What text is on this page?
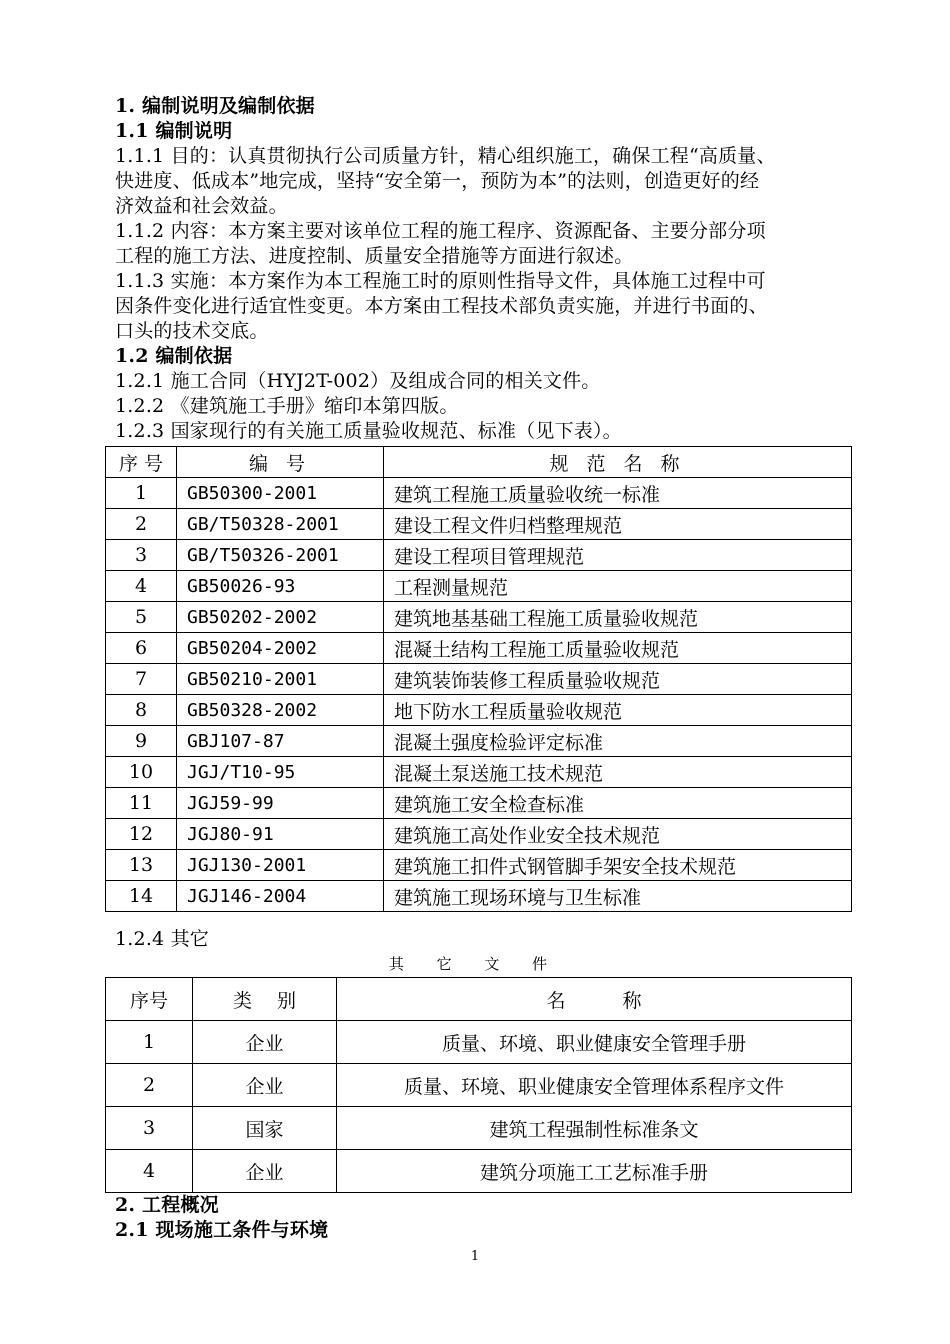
1. 编制说明及编制依据
1.1 编制说明
1.1.1 目的：认真贯彻执行公司质量方针，精心组织施工，确保工程“高质量、
快进度、低成本”地完成，坚持“安全第一，预防为本”的法则，创造更好的经
济效益和社会效益。
1.1.2 内容：本方案主要对该单位工程的施工程序、资源配备、主要分部分项
工程的施工方法、进度控制、质量安全措施等方面进行叙述。
1.1.3 实施：本方案作为本工程施工时的原则性指导文件，具体施工过程中可
因条件变化进行适宜性变更。本方案由工程技术部负责实施，并进行书面的、
口头的技术交底。
1.2 编制依据
1.2.1 施工合同（HYJ2T-002）及组成合同的相关文件。
1.2.2 《建筑施工手册》缩印本第四版。
1.2.3 国家现行的有关施工质量验收规范、标准（见下表）。
序 号	编 号	规 范 名 称
1	GB50300-2001	建筑工程施工质量验收统一标准
2	GB/T50328-2001	建设工程文件归档整理规范
3	GB/T50326-2001	建设工程项目管理规范
4	GB50026-93	工程测量规范
5	GB50202-2002	建筑地基基础工程施工质量验收规范
6	GB50204-2002	混凝土结构工程施工质量验收规范
7	GB50210-2001	建筑装饰装修工程质量验收规范
8	GB50328-2002	地下防水工程质量验收规范
9	GBJ107-87	混凝土强度检验评定标准
10	JGJ/T10-95	混凝土泵送施工技术规范
11	JGJ59-99	建筑施工安全检查标准
12	JGJ80-91	建筑施工高处作业安全技术规范
13	JGJ130-2001	建筑施工扣件式钢管脚手架安全技术规范
14	JGJ146-2004	建筑施工现场环境与卫生标准
1.2.4 其它
其 它 文 件
序号	类　 别	名　　　称
1	企业	质量、环境、职业健康安全管理手册
2	企业	质量、环境、职业健康安全管理体系程序文件
3	国家	建筑工程强制性标准条文
4	企业	建筑分项施工工艺标准手册
2. 工程概况
2.1 现场施工条件与环境
1
